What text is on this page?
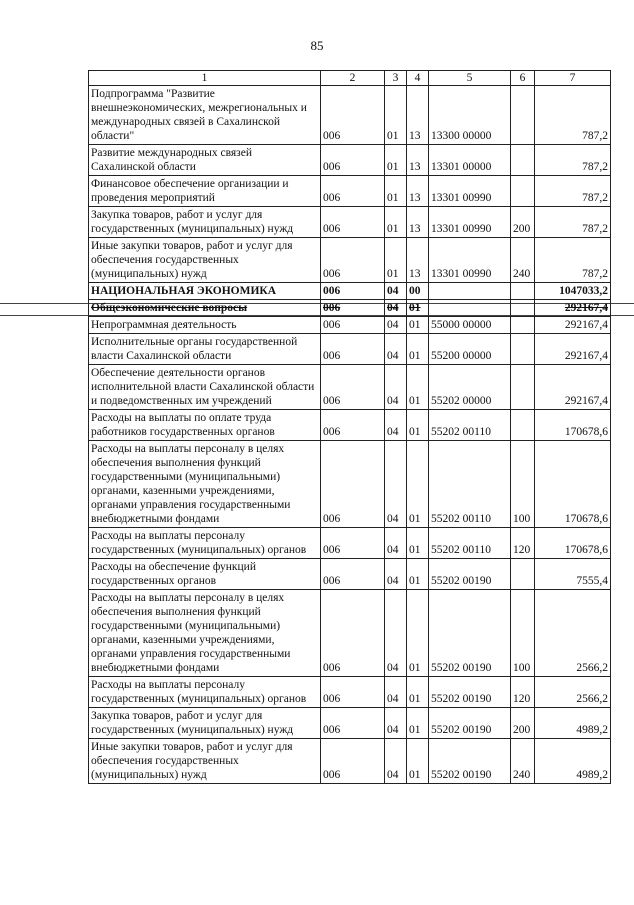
85
1	2	3	4	5	6	7
Подпрограмма "Развитие внешнеэкономических, межрегиональных и международных связей в Сахалинской области"	006	01	13	13300 00000		787,2
Развитие международных связей Сахалинской области	006	01	13	13301 00000		787,2
Финансовое обеспечение организации и проведения мероприятий	006	01	13	13301 00990		787,2
Закупка товаров, работ и услуг для государственных (муниципальных) нужд	006	01	13	13301 00990	200	787,2
Иные закупки товаров, работ и услуг для обеспечения государственных (муниципальных) нужд	006	01	13	13301 00990	240	787,2
НАЦИОНАЛЬНАЯ ЭКОНОМИКА	006	04	00			1047033,2
Общеэкономические вопросы	006	04	01			292167,4
Непрограммная деятельность	006	04	01	55000 00000		292167,4
Исполнительные органы государственной власти Сахалинской области	006	04	01	55200 00000		292167,4
Обеспечение деятельности органов исполнительной власти Сахалинской области и подведомственных им учреждений	006	04	01	55202 00000		292167,4
Расходы на выплаты по оплате труда работников государственных органов	006	04	01	55202 00110		170678,6
Расходы на выплаты персоналу в целях обеспечения выполнения функций государственными (муниципальными) органами, казенными учреждениями, органами управления государственными внебюджетными фондами	006	04	01	55202 00110	100	170678,6
Расходы на выплаты персоналу государственных (муниципальных) органов	006	04	01	55202 00110	120	170678,6
Расходы на обеспечение функций государственных органов	006	04	01	55202 00190		7555,4
Расходы на выплаты персоналу в целях обеспечения выполнения функций государственными (муниципальными) органами, казенными учреждениями, органами управления государственными внебюджетными фондами	006	04	01	55202 00190	100	2566,2
Расходы на выплаты персоналу государственных (муниципальных) органов	006	04	01	55202 00190	120	2566,2
Закупка товаров, работ и услуг для государственных (муниципальных) нужд	006	04	01	55202 00190	200	4989,2
Иные закупки товаров, работ и услуг для обеспечения государственных (муниципальных) нужд	006	04	01	55202 00190	240	4989,2
